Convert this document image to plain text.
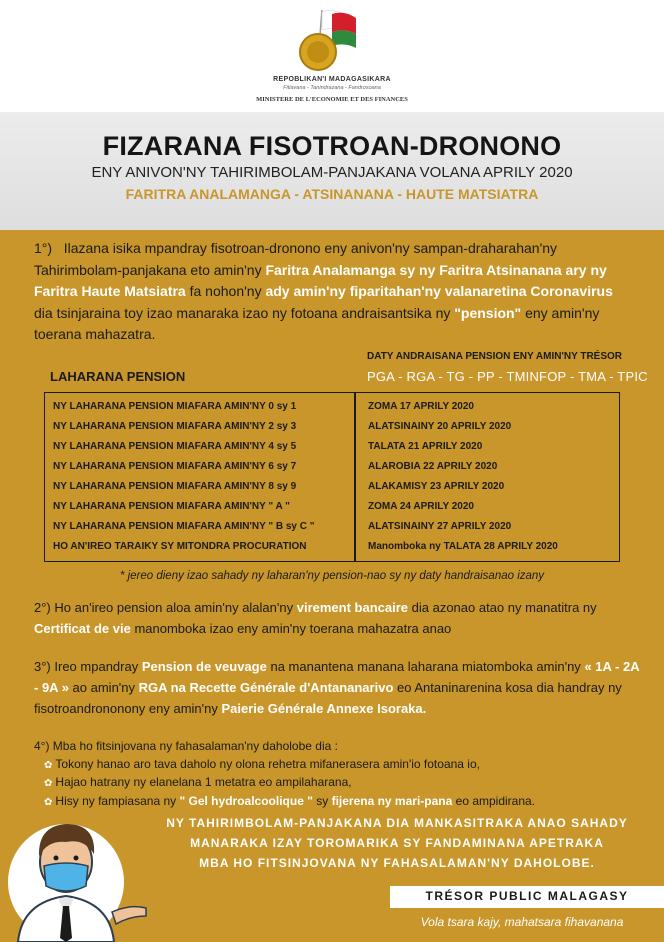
REPOBLIKAN'I MADAGASIKARA
Fitiavana - Tanindrazana - Fandrosoana
MINISTERE DE L'ECONOMIE ET DES FINANCES
FIZARANA FISOTROAN-DRONONO
ENY ANIVON'NY TAHIRIMBOLAM-PANJAKANA VOLANA APRILY 2020
FARITRA ANALAMANGA - ATSINANANA - HAUTE MATSIATRA
1°) Ilazana isika mpandray fisotroan-dronono eny anivon'ny sampan-draharahan'ny Tahirimbolam-panjakana eto amin'ny Faritra Analamanga sy ny Faritra Atsinanana ary ny Faritra Haute Matsiatra fa nohon'ny ady amin'ny fiparitahan'ny valanaretina Coronavirus dia tsinjaraina toy izao manaraka izao ny fotoana andraisantsika ny "pension" eny amin'ny toerana mahazatra.
LAHARANA PENSION
DATY ANDRAISANA PENSION ENY AMIN'NY TRÉSOR
PGA - RGA - TG - PP - TMINFOP - TMA - TPIC
NY LAHARANA PENSION MIAFARA AMIN'NY 0 sy 1	ZOMA 17 APRILY 2020
NY LAHARANA PENSION MIAFARA AMIN'NY 2 sy 3	ALATSINAINY 20 APRILY 2020
NY LAHARANA PENSION MIAFARA AMIN'NY 4 sy 5	TALATA 21 APRILY 2020
NY LAHARANA PENSION MIAFARA AMIN'NY 6 sy 7	ALAROBIA 22 APRILY 2020
NY LAHARANA PENSION MIAFARA AMIN'NY 8 sy 9	ALAKAMISY 23 APRILY 2020
NY LAHARANA PENSION MIAFARA AMIN'NY " A "	ZOMA 24 APRILY 2020
NY LAHARANA PENSION MIAFARA AMIN'NY " B sy C "	ALATSINAINY 27 APRILY 2020
HO AN'IREO TARAIKY SY MITONDRA PROCURATION	Manomboka ny TALATA 28 APRILY 2020
* jereo dieny izao sahady ny laharan'ny pension-nao sy ny daty handraisanao izany
2°) Ho an'ireo pension aloa amin'ny alalan'ny virement bancaire dia azonao atao ny manatitra ny Certificat de vie manomboka izao eny amin'ny toerana mahazatra anao
3°) Ireo mpandray Pension de veuvage na manantena manana laharana miatomboka amin'ny « 1A - 2A - 9A » ao amin'ny RGA na Recette Générale d'Antananarivo eo Antaninarenina kosa dia handray ny fisotroandrononony eny amin'ny Paierie Générale Annexe Isoraka.
4°) Mba ho fitsinjovana ny fahasalaman'ny daholobe dia :
✿ Tokony hanao aro tava daholo ny olona rehetra mifanerasera amin'io fotoana io,
✿ Hajao hatrany ny elanelana 1 metatra eo ampilaharana,
✿ Hisy ny fampiasana ny " Gel hydroalcoolique " sy fijerena ny mari-pana eo ampidirana.
NY TAHIRIMBOLAM-PANJAKANA DIA MANKASITRAKA ANAO SAHADY
MANARAKA IZAY TOROMARIKA SY FANDAMINANA APETRAKA
MBA HO FITSINJOVANA NY FAHASALAMAN'NY DAHOLOBE.
TRÉSOR PUBLIC MALAGASY
Vola tsara kajy, mahatsara fihavanana
